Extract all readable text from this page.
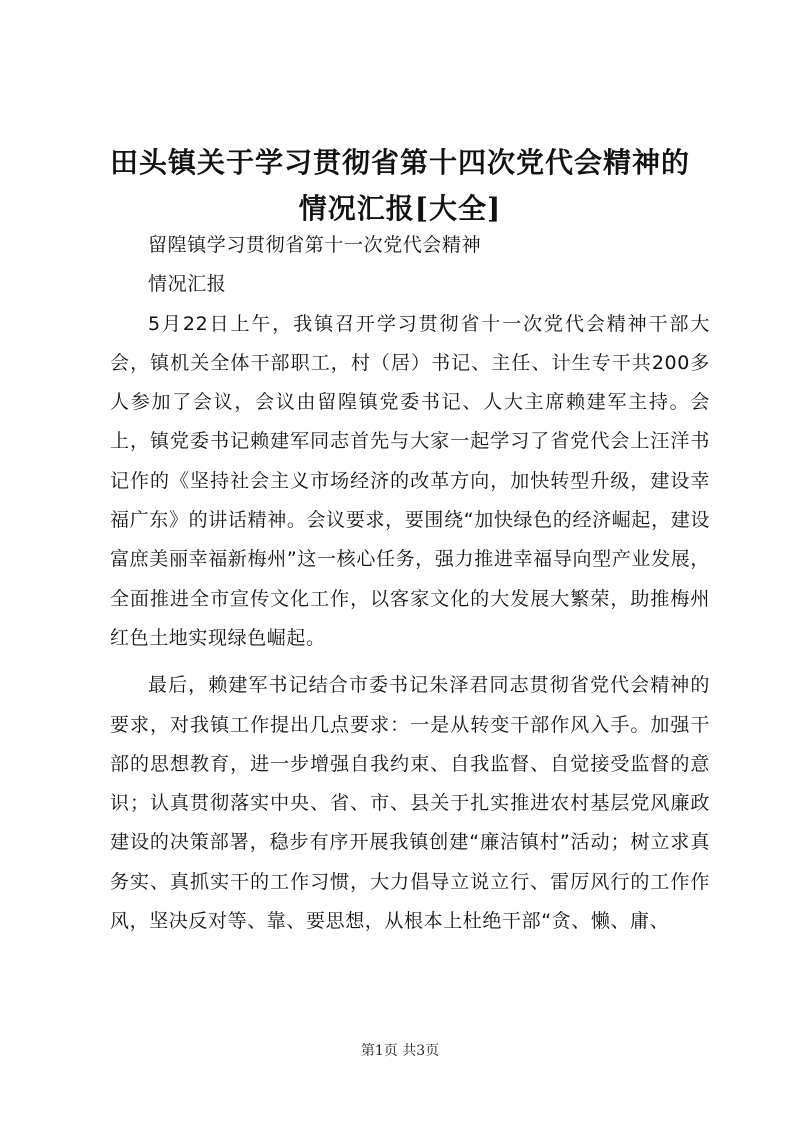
田头镇关于学习贯彻省第十四次党代会精神的
情况汇报[大全]

留隍镇学习贯彻省第十一次党代会精神

情况汇报

5月22日上午，我镇召开学习贯彻省十一次党代会精神干部大会，镇机关全体干部职工，村（居）书记、主任、计生专干共200多人参加了会议，会议由留隍镇党委书记、人大主席赖建军主持。会上，镇党委书记赖建军同志首先与大家一起学习了省党代会上汪洋书记作的《坚持社会主义市场经济的改革方向，加快转型升级，建设幸福广东》的讲话精神。会议要求，要围绕“加快绿色的经济崛起，建设富庶美丽幸福新梅州”这一核心任务，强力推进幸福导向型产业发展，全面推进全市宣传文化工作，以客家文化的大发展大繁荣，助推梅州红色土地实现绿色崛起。

最后，赖建军书记结合市委书记朱泽君同志贯彻省党代会精神的要求，对我镇工作提出几点要求：一是从转变干部作风入手。加强干部的思想教育，进一步增强自我约束、自我监督、自觉接受监督的意识；认真贯彻落实中央、省、市、县关于扎实推进农村基层党风廉政建设的决策部署，稳步有序开展我镇创建“廉洁镇村”活动；树立求真务实、真抓实干的工作习惯，大力倡导立说立行、雷厉风行的工作作风，坚决反对等、靠、要思想，从根本上杜绝干部“贪、懒、庸、

第1页 共3页
